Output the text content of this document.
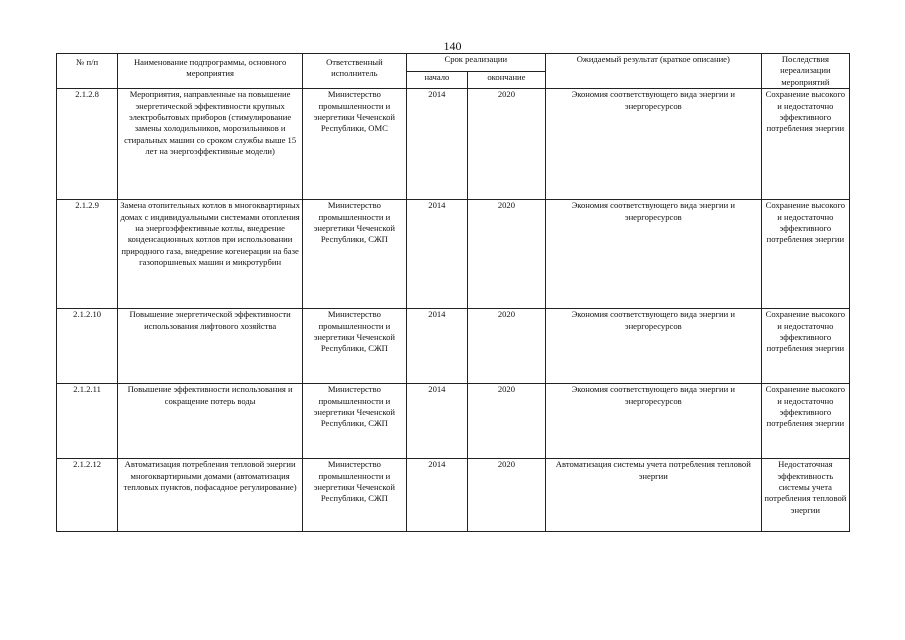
140
№ п/п	Наименование подпрограммы, основного мероприятия	Ответственный исполнитель	Срок реализации		Ожидаемый результат (краткое описание)	Последствия нереализации мероприятий
			начало	окончание		
2.1.2.8	Мероприятия, направленные на повышение энергетической эффективности крупных электробытовых приборов (стимулирование замены холодильников, морозильников и стиральных машин со сроком службы выше 15 лет на энергоэффективные модели)	Министерство промышленности и энергетики Чеченской Республики, ОМС	2014	2020	Экономия соответствующего вида энергии и энергоресурсов	Сохранение высокого и недостаточно эффективного потребления энергии
2.1.2.9	Замена отопительных котлов в многоквартирных домах с индивидуальными системами отопления на энергоэффективные котлы, внедрение конденсационных котлов при использовании природного газа, внедрение когенерации на базе газопоршневых машин и микротурбин	Министерство промышленности и энергетики Чеченской Республики, СЖП	2014	2020	Экономия соответствующего вида энергии и энергоресурсов	Сохранение высокого и недостаточно эффективного потребления энергии
2.1.2.10	Повышение энергетической эффективности использования лифтового хозяйства	Министерство промышленности и энергетики Чеченской Республики, СЖП	2014	2020	Экономия соответствующего вида энергии и энергоресурсов	Сохранение высокого и недостаточно эффективного потребления энергии
2.1.2.11	Повышение эффективности использования и сокращение потерь воды	Министерство промышленности и энергетики Чеченской Республики, СЖП	2014	2020	Экономия соответствующего вида энергии и энергоресурсов	Сохранение высокого и недостаточно эффективного потребления энергии
2.1.2.12	Автоматизация потребления тепловой энергии многоквартирными домами (автоматизация тепловых пунктов, пофасадное регулирование)	Министерство промышленности и энергетики Чеченской Республики, СЖП	2014	2020	Автоматизация системы учета потребления тепловой энергии	Недостаточная эффективность системы учета потребления тепловой энергии
